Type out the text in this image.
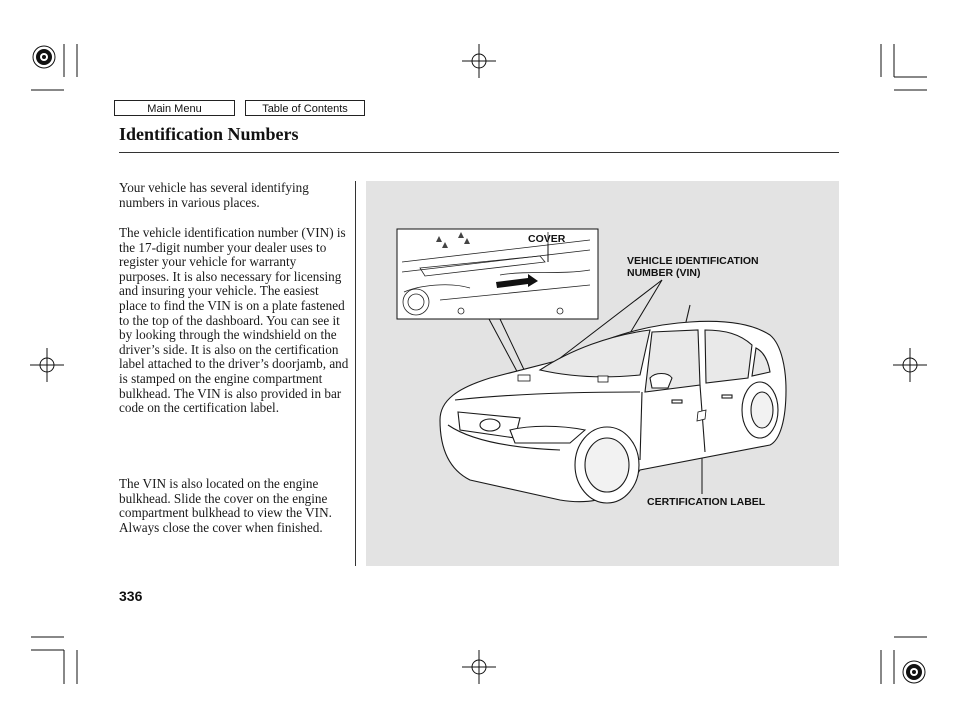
Main Menu	Table of Contents
Identification Numbers
Your vehicle has several identifying numbers in various places.
The vehicle identification number (VIN) is the 17-digit number your dealer uses to register your vehicle for warranty purposes. It is also necessary for licensing and insuring your vehicle. The easiest place to find the VIN is on a plate fastened to the top of the dashboard. You can see it by looking through the windshield on the driver’s side. It is also on the certification label attached to the driver’s doorjamb, and is stamped on the engine compartment bulkhead. The VIN is also provided in bar code on the certification label.
The VIN is also located on the engine bulkhead. Slide the cover on the engine compartment bulkhead to view the VIN. Always close the cover when finished.
COVER
VEHICLE IDENTIFICATION
NUMBER (VIN)
CERTIFICATION LABEL
336
